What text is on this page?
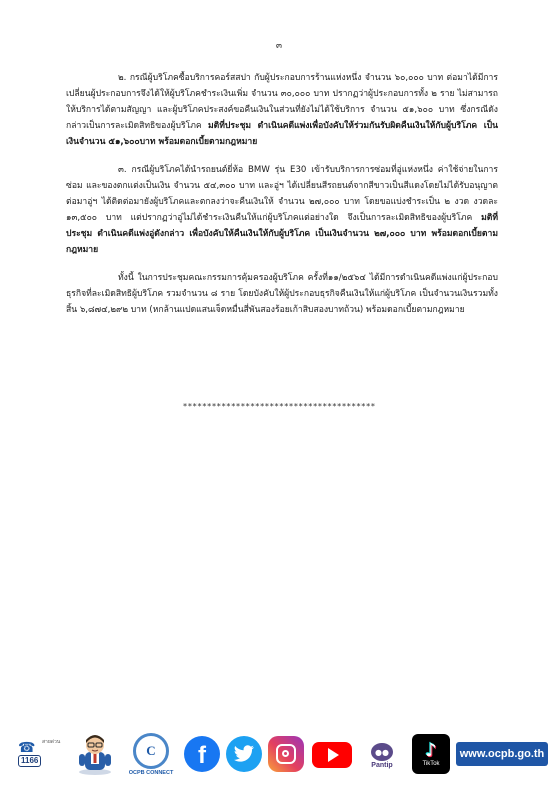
๓

๒. กรณีผู้บริโภคซื้อบริการคอร์สสปา กับผู้ประกอบการร้านแห่งหนึ่ง จำนวน ๖๐,๐๐๐ บาท ต่อมาได้มีการเปลี่ยนผู้ประกอบการจึงได้ให้ผู้บริโภคชำระเงินเพิ่ม จำนวน ๓๐,๐๐๐ บาท ปรากฏว่าผู้ประกอบการทั้ง ๒ ราย ไม่สามารถให้บริการได้ตามสัญญา และผู้บริโภคประสงค์ขอคืนเงินในส่วนที่ยังไม่ได้ใช้บริการ จำนวน ๕๑,๖๐๐ บาท ซึ่งกรณีดังกล่าวเป็นการละเมิดสิทธิของผู้บริโภค มติที่ประชุม ดำเนินคดีแพ่งเพื่อบังคับให้ร่วมกันรับผิดคืนเงินให้กับผู้บริโภค เป็นเงินจำนวน ๕๑,๖๐๐บาท พร้อมดอกเบี้ยตามกฎหมาย

๓. กรณีผู้บริโภคได้นำรถยนต์ยี่ห้อ BMW รุ่น E30 เข้ารับบริการการซ่อมที่อู่แห่งหนึ่ง ค่าใช้จ่ายในการซ่อม และของตกแต่งเป็นเงิน จำนวน ๕๔,๓๐๐ บาท และอู่ฯ ได้เปลี่ยนสีรถยนต์จากสีขาวเป็นสีแดงโดยไม่ได้รับอนุญาต ต่อมาอู่ฯ ได้ติดต่อมายังผู้บริโภคและตกลงว่าจะคืนเงินให้ จำนวน ๒๗,๐๐๐ บาท โดยขอแบ่งชำระเป็น ๒ งวด งวดละ ๑๓,๕๐๐ บาท แต่ปรากฏว่าอู่ไม่ได้ชำระเงินคืนให้แก่ผู้บริโภคแต่อย่างใด จึงเป็นการละเมิดสิทธิของผู้บริโภค มติที่ประชุม ดำเนินคดีแพ่งอู่ดังกล่าว เพื่อบังคับให้คืนเงินให้กับผู้บริโภค เป็นเงินจำนวน ๒๗,๐๐๐ บาท พร้อมดอกเบี้ยตามกฎหมาย

ทั้งนี้ ในการประชุมคณะกรรมการคุ้มครองผู้บริโภค ครั้งที่๑๑/๒๕๖๔ ได้มีการดำเนินคดีแพ่งแก่ผู้ประกอบธุรกิจที่ละเมิดสิทธิผู้บริโภค รวมจำนวน ๘ ราย โดยบังคับให้ผู้ประกอบธุรกิจคืนเงินให้แก่ผู้บริโภค เป็นจำนวนเงินรวมทั้งสิ้น ๖,๘๗๔,๒๙๒ บาท (หกล้านแปดแสนเจ็ดหมื่นสี่พันสองร้อยเก้าสิบสองบาทถ้วน) พร้อมดอกเบี้ยตามกฎหมาย

****************************************
สายด่วน
☎
1166
C
OCPB CONNECT
f	●●
Pantip
♪
TikTok
www.ocpb.go.th
